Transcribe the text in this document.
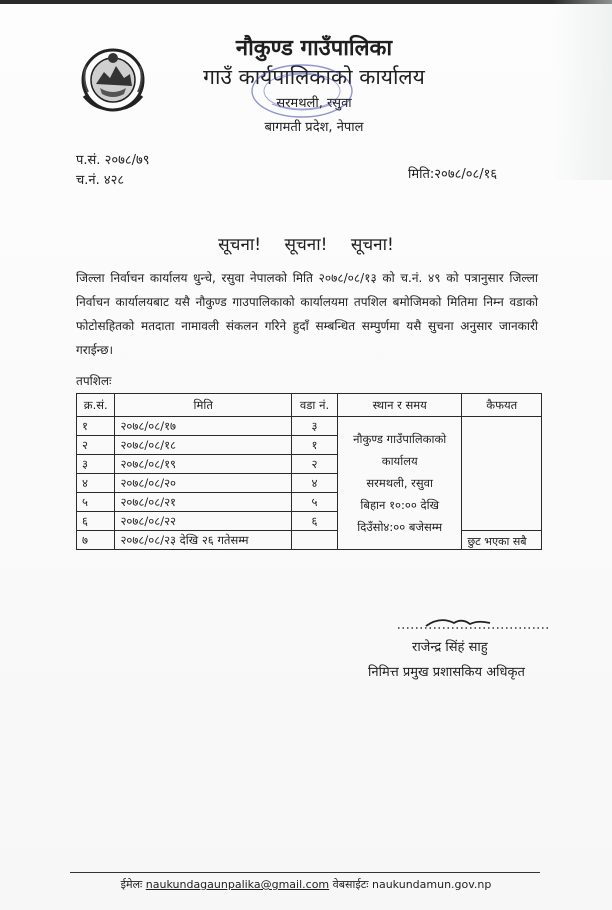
नौकुण्ड गाउँपालिका
गाउँ कार्यपालिकाको कार्यालय
सरमथली, रसुवा
बागमती प्रदेश, नेपाल
प.सं. २०७८/७९
च.नं. ४२८	मिति:२०७८/०८/१६
सूचना! सूचना! सूचना!
जिल्ला निर्वाचन कार्यालय धुन्चे, रसुवा नेपालको मिति २०७८/०८/१३ को च.नं. ४९ को पत्रानुसार जिल्ला निर्वाचन कार्यालयबाट यसै नौकुण्ड गाउपालिकाको कार्यालयमा तपशिल बमोजिमको मितिमा निम्न वडाको फोटोसहितको मतदाता नामावली संकलन गरिने हुदाँ सम्बन्धित सम्पुर्णमा यसै सुचना अनुसार जानकारी गराईन्छ।
तपशिलः
क्र.सं.	मिति	वडा नं.	स्थान र समय	कैफयत
१	२०७८/०८/१७	३	नौकुण्ड गाउँपालिकाको
कार्यालय
सरमथली, रसुवा
बिहान १०:०० देखि
दिउँसो४:०० बजेसम्म	

२	२०७८/०८/१८	१		
३	२०७८/०८/१९	२		
४	२०७८/०८/२०	४		
५	२०७८/०८/२१	५		
६	२०७८/०८/२२	६		
७	२०७८/०८/२३ देखि २६ गतेसम्म			छुट भएका सबै
राजेन्द्र सिंहं साहु
निमित्त प्रमुख प्रशासकिय अधिकृत
ईमेलः naukundagaunpalika@gmail.com वेबसाईटः naukundamun.gov.np
